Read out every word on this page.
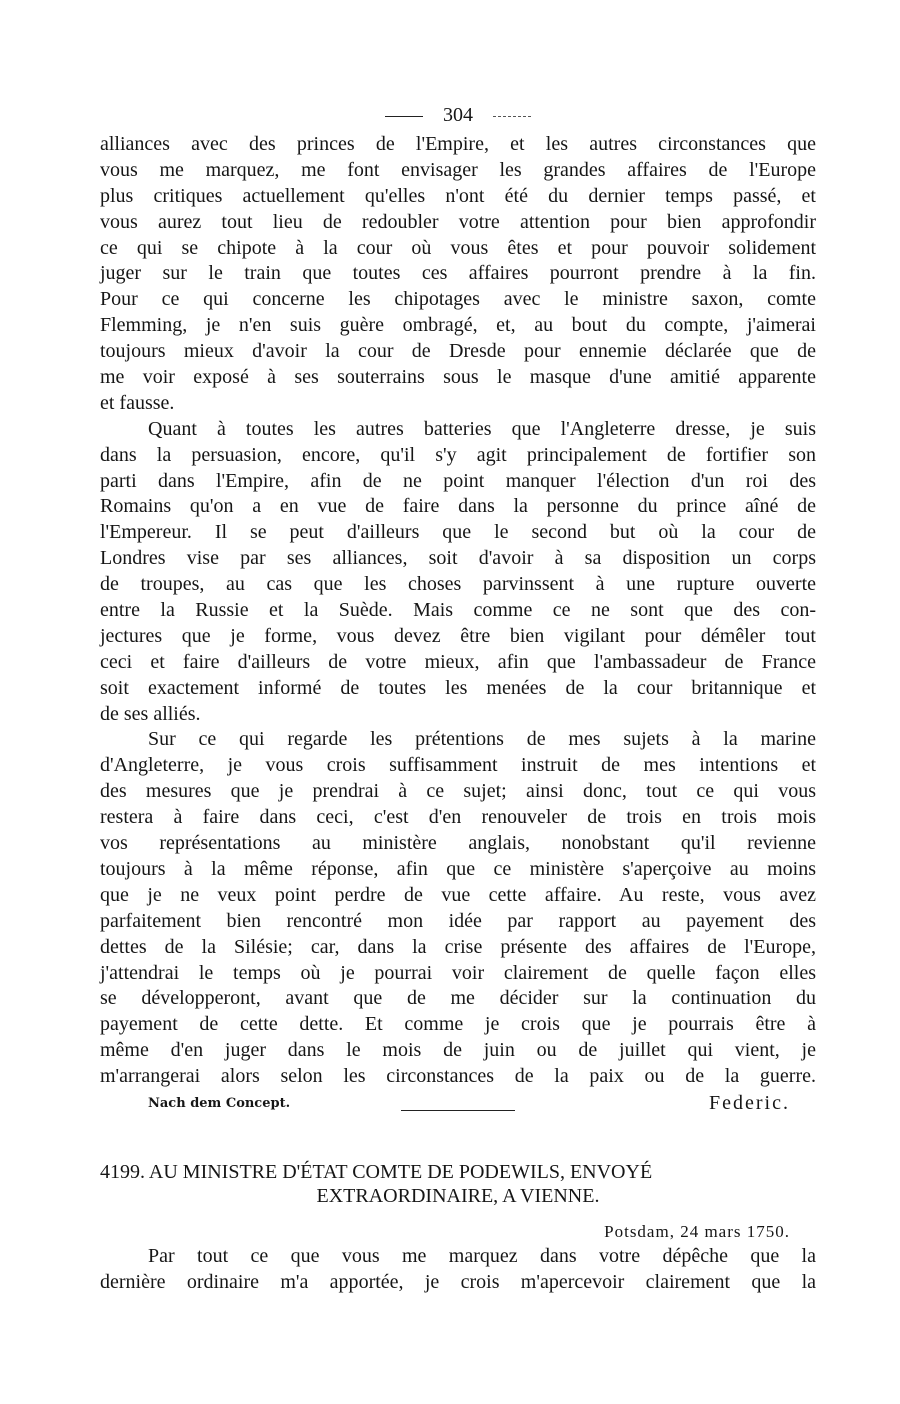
304
alliances avec des princes de l'Empire, et les autres circonstances que
vous me marquez, me font envisager les grandes affaires de l'Europe
plus critiques actuellement qu'elles n'ont été du dernier temps passé, et
vous aurez tout lieu de redoubler votre attention pour bien approfondir
ce qui se chipote à la cour où vous êtes et pour pouvoir solidement
juger sur le train que toutes ces affaires pourront prendre à la fin.
Pour ce qui concerne les chipotages avec le ministre saxon, comte
Flemming, je n'en suis guère ombragé, et, au bout du compte, j'aimerai
toujours mieux d'avoir la cour de Dresde pour ennemie déclarée que de
me voir exposé à ses souterrains sous le masque d'une amitié apparente
et fausse.
Quant à toutes les autres batteries que l'Angleterre dresse, je suis
dans la persuasion, encore, qu'il s'y agit principalement de fortifier son
parti dans l'Empire, afin de ne point manquer l'élection d'un roi des
Romains qu'on a en vue de faire dans la personne du prince aîné de
l'Empereur. Il se peut d'ailleurs que le second but où la cour de
Londres vise par ses alliances, soit d'avoir à sa disposition un corps
de troupes, au cas que les choses parvinssent à une rupture ouverte
entre la Russie et la Suède. Mais comme ce ne sont que des con-
jectures que je forme, vous devez être bien vigilant pour démêler tout
ceci et faire d'ailleurs de votre mieux, afin que l'ambassadeur de France
soit exactement informé de toutes les menées de la cour britannique et
de ses alliés.
Sur ce qui regarde les prétentions de mes sujets à la marine
d'Angleterre, je vous crois suffisamment instruit de mes intentions et
des mesures que je prendrai à ce sujet; ainsi donc, tout ce qui vous
restera à faire dans ceci, c'est d'en renouveler de trois en trois mois
vos représentations au ministère anglais, nonobstant qu'il revienne
toujours à la même réponse, afin que ce ministère s'aperçoive au moins
que je ne veux point perdre de vue cette affaire. Au reste, vous avez
parfaitement bien rencontré mon idée par rapport au payement des
dettes de la Silésie; car, dans la crise présente des affaires de l'Europe,
j'attendrai le temps où je pourrai voir clairement de quelle façon elles
se développeront, avant que de me décider sur la continuation du
payement de cette dette. Et comme je crois que je pourrais être à
même d'en juger dans le mois de juin ou de juillet qui vient, je
m'arrangerai alors selon les circonstances de la paix ou de la guerre.
Nach dem Concept.	Federic.
4199. AU MINISTRE D'ÉTAT COMTE DE PODEWILS, ENVOYÉ
EXTRAORDINAIRE, A VIENNE.
Potsdam, 24 mars 1750.
Par tout ce que vous me marquez dans votre dépêche que la
dernière ordinaire m'a apportée, je crois m'apercevoir clairement que la
